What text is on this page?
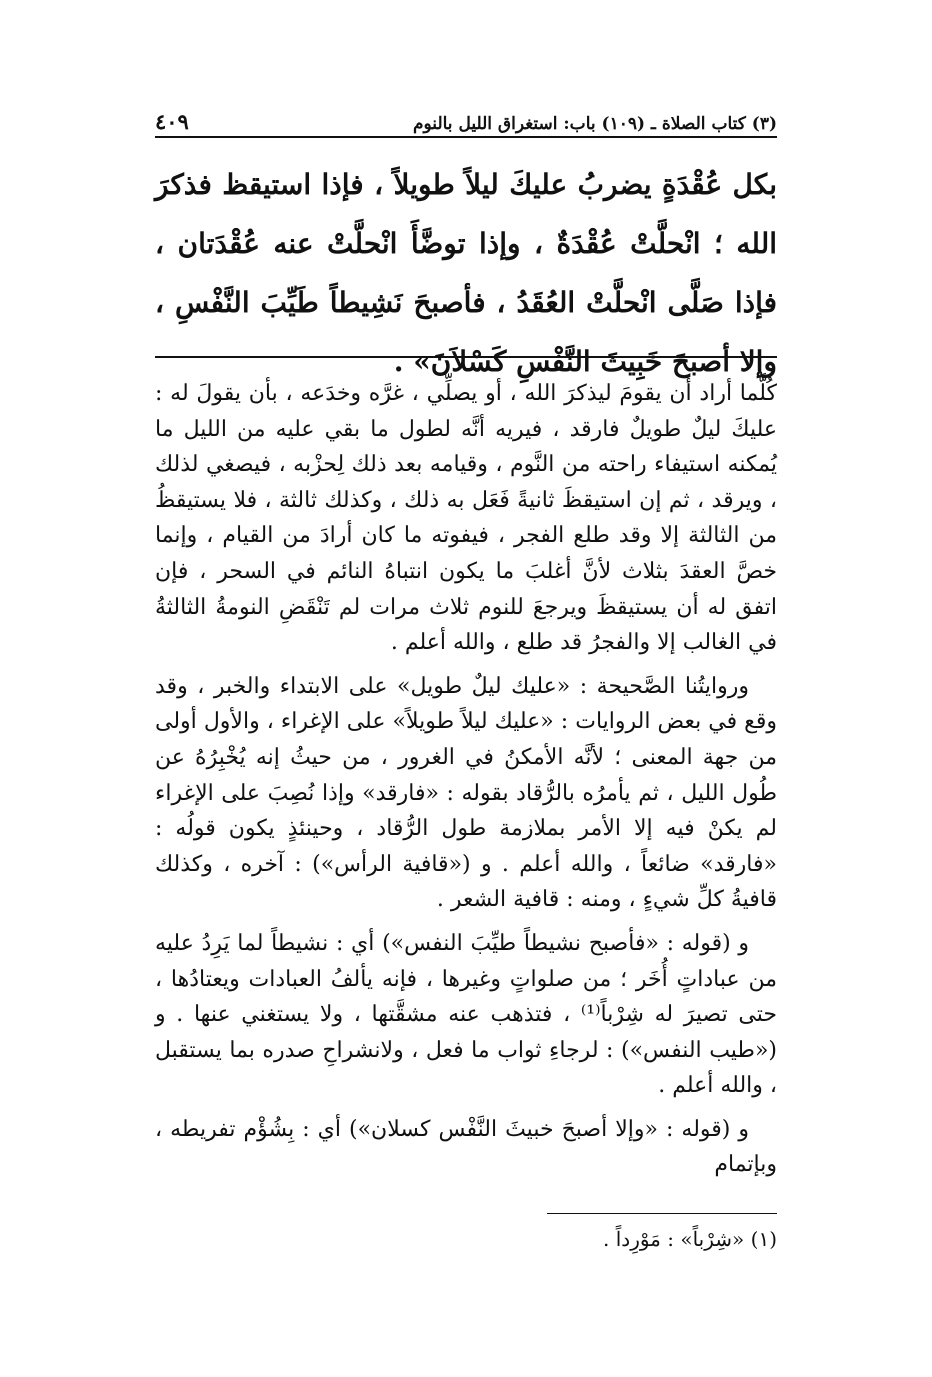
(٣) كتاب الصلاة ـ (١٠٩) باب: استغراق الليل بالنوم
٤٠٩
بكل عُقْدَةٍ يضربُ عليكَ ليلاً طويلاً ، فإذا استيقظ فذكرَ الله ؛ انْحلَّتْ عُقْدَةٌ ، وإذا توضَّأَ انْحلَّتْ عنه عُقْدَتان ، فإذا صَلَّى انْحلَّتْ العُقَدُ ، فأصبحَ نَشِيطاً طَيِّبَ النَّفْسِ ، وإلا أصبحَ خَبِيثَ النَّفْسِ كَسْلاَنَ» .

كُلَّما أراد أن يقومَ ليذكرَ الله ، أو يصلِّي ، غرَّه وخدَعه ، بأن يقولَ له : عليكَ ليلٌ طويلٌ فارقد ، فيريه أنَّه لطول ما بقي عليه من الليل ما يُمكنه استيفاء راحته من النَّوم ، وقيامه بعد ذلك لِحزْبه ، فيصغي لذلك ، ويرقد ، ثم إن استيقظَ ثانيةً فَعَل به ذلك ، وكذلك ثالثة ، فلا يستيقظُ من الثالثة إلا وقد طلع الفجر ، فيفوته ما كان أرادَ من القيام ، وإنما خصَّ العقدَ بثلاث لأنَّ أغلبَ ما يكون انتباهُ النائم في السحر ، فإن اتفق له أن يستيقظَ ويرجعَ للنوم ثلاث مرات لم تَنْقَضِ النومةُ الثالثةُ في الغالب إلا والفجرُ قد طلع ، والله أعلم .

وروايتُنا الصَّحيحة : «عليك ليلٌ طويل» على الابتداء والخبر ، وقد وقع في بعض الروايات : «عليك ليلاً طويلاً» على الإغراء ، والأول أولى من جهة المعنى ؛ لأنَّه الأمكنُ في الغرور ، من حيثُ إنه يُخْبِرُهُ عن طُول الليل ، ثم يأمرُه بالرُّقاد بقوله : «فارقد» وإذا نُصِبَ على الإغراء لم يكنْ فيه إلا الأمر بملازمة طول الرُّقاد ، وحينئذٍ يكون قولُه : «فارقد» ضائعاً ، والله أعلم . و («قافية الرأس») : آخره ، وكذلك قافيةُ كلِّ شيءٍ ، ومنه : قافية الشعر .

و (قوله : «فأصبح نشيطاً طيِّبَ النفس») أي : نشيطاً لما يَرِدُ عليه من عباداتٍ أُخَر ؛ من صلواتٍ وغيرها ، فإنه يألفُ العبادات ويعتادُها ، حتى تصيرَ له شِرْباً⁽¹⁾ ، فتذهب عنه مشقَّتها ، ولا يستغني عنها . و («طيب النفس») : لرجاءِ ثواب ما فعل ، ولانشراحِ صدره بما يستقبل ، والله أعلم .

و (قوله : «وإلا أصبحَ خبيثَ النَّفْس كسلان») أي : بِشُؤْم تفريطه ، وبإتمام

(١) «شِرْباً» : مَوْرِداً .
